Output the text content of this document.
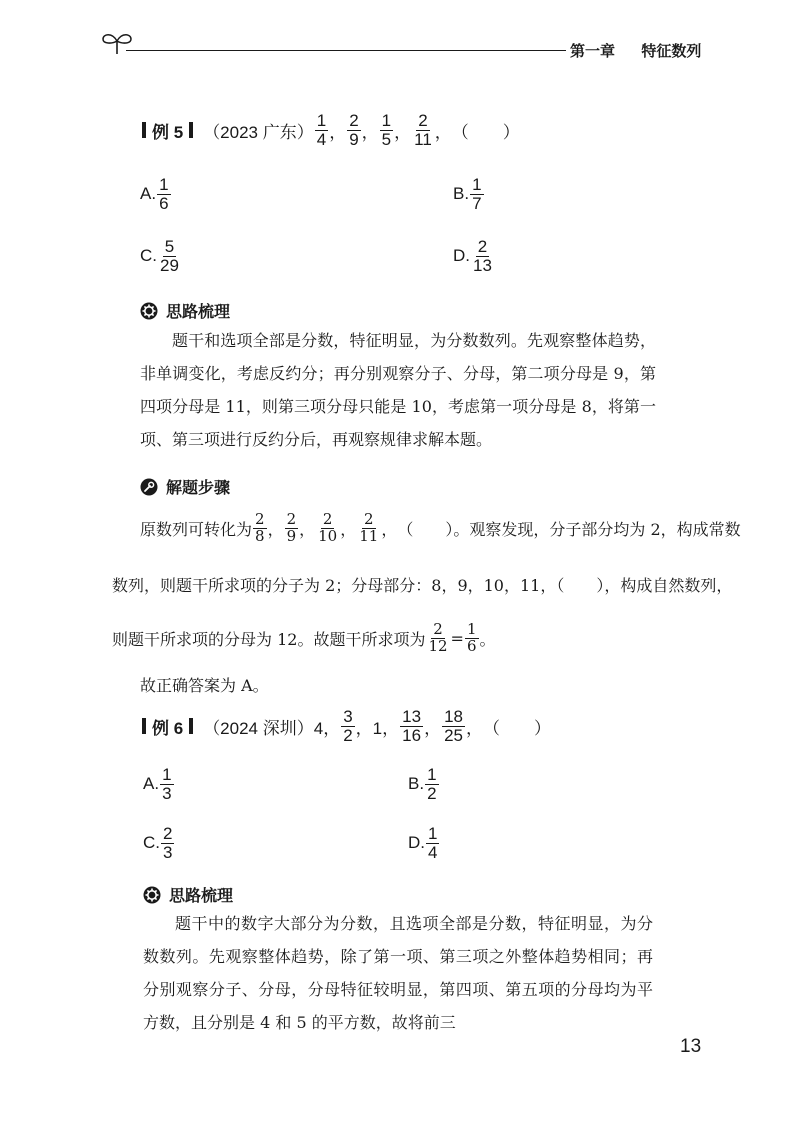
第一章 特征数列
例 5 （2023 广东） $\frac{1}{4}$ ， $\frac{2}{9}$ ， $\frac{1}{5}$ ， $\frac{2}{11}$ ， （　　）
A. $\frac{1}{6}$	B. $\frac{1}{7}$
C. $\frac{5}{29}$	D. $\frac{2}{13}$
思路梳理
题干和选项全部是分数，特征明显，为分数数列。先观察整体趋势，非单调变化，考虑反约分；再分别观察分子、分母，第二项分母是 9，第四项分母是 11，则第三项分母只能是 10，考虑第一项分母是 8，将第一项、第三项进行反约分后，再观察规律求解本题。
解题步骤
原数列可转化为 $\frac{2}{8}$ ， $\frac{2}{9}$ ， $\frac{2}{10}$ ， $\frac{2}{11}$ ， （　　）。观察发现，分子部分均为 2，构成常数
数列，则题干所求项的分子为 2；分母部分：8，9，10，11，（　　），构成自然数列，
则题干所求项的分母为 12。故题干所求项为 $\frac{2}{12} = \frac{1}{6}$ 。
故正确答案为 A。
例 6 （2024 深圳） 4， $\frac{3}{2}$ ，1， $\frac{13}{16}$ ， $\frac{18}{25}$ ， （　　）
A. $\frac{1}{3}$	B. $\frac{1}{2}$
C. $\frac{2}{3}$	D. $\frac{1}{4}$
思路梳理
题干中的数字大部分为分数，且选项全部是分数，特征明显，为分数数列。先观察整体趋势，除了第一项、第三项之外整体趋势相同；再分别观察分子、分母，分母特征较明显，第四项、第五项的分母均为平方数，且分别是 4 和 5 的平方数，故将前三
13
